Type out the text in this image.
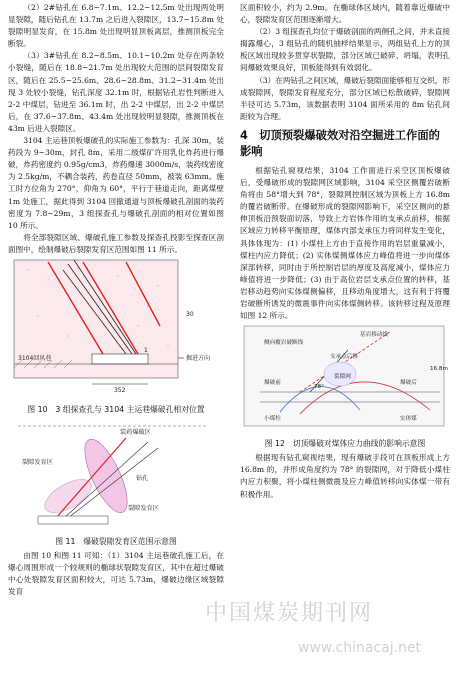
（2）2#钻孔在 6.8~7.1m、12.2~12.5m 处出现两处明显裂隙，随后钻孔在 13.7m 之后进入裂隙区，13.7~15.8m 处裂隙明显发育，在 15.8m 处出现明显顶板离层，推测顶板完全断裂。

（3）3#钻孔在 8.2~8.5m、10.1~10.2m 处存在两条较小裂缝，随后在 18.8~21.7m 处出现较大范围的层间裂隙发育区，随后在 25.5~25.6m、28.6~28.8m、31.2~31.4m 处出现 3 处较小裂缝，钻孔深度 32.1m 时，根据钻孔岩性判断进入 2-2 中煤层，钻进至 36.1m 时，出 2-2 中煤层，出 2-2 中煤层后，在 37.6~37.8m、43.4m 处出现较明显裂隙，推测顶板在 43m 后进入裂隙区。

3104 主运巷顶板爆破孔的实际施工参数为：孔深 30m，装药段为 9~30m，封孔 8m，采用二级煤矿许用乳化炸药进行爆破，炸药密度约 0.95g/cm3，炸药爆速 3000m/s，装药线密度为 2.5kg/m，不耦合装药，药卷直径 50mm，被装 63mm。施工时方位角为 270°，仰角为 60°，平行于巷道走向，距离煤壁 1m 处施工，据此得到 3104 回撤通道与顶板爆破孔剖面的装药密度为 7.8~29m，3 组探查孔与爆破孔剖面的相对位置如图 10 所示。

将全部裂隙区域、爆破孔施工参数及探查孔投影至探查区剖面图中，绘制爆破后裂隙发育区范围如图 11 所示。

3104回风巷	掘进方向
30
352
1
图 10　3 组探查孔与 3104 主运巷爆破孔相对位置
装药爆破区
裂隙发育区
钻孔
裂隙发育区
图 11　爆破裂隙发育区范围示意图

由图 10 和图 11 可知：（1）3104 主运巷破孔施工后，在爆心周围形成一个较规则的椭球状裂隙发育区，其中在超过爆破中心处裂隙发育区面积较大，可达 5.73m，爆破边缘区域裂隙发育

区面积较小，约为 2.9m。在椭球体区域内，随着靠近爆破中心，裂隙发育区范围逐渐增大。

（2）3 组探查孔均位于爆破剖面的两侧孔之间，并未直接揭露爆心，3 组钻孔的随机抽样结果显示，两组钻孔上方的顶板区域出现较多贯穿状裂隙，部分区域已破碎、坍塌，表明孔间爆破效果良好，顶板能得到有效弱化。

（3）在两钻孔之间区域，爆破后裂隙面能够相互交织，形成裂隙网，裂隙发育程度充分，部分区域已松散破碎，裂隙网半径可达 5.73m，该数据表明 3104 面所采用的 8m 钻孔间距较为合理。

4　切顶预裂爆破效对沿空掘进工作面的影响

根据钻孔窥视结果，3104 工作面进行采空区顶板爆破后，受爆破形成的裂隙网区域影响，3104 采空区侧覆岩破断角将由 58°增大到 78°，裂隙网控制区域为顶板上方 16.8m 的覆岩破断带。在爆破形成的裂隙网影响下，采空区侧向的悬伸顶板沿预裂面切落，导致上方岩体作用的支承点前移，根据区域应力转移平衡原理，煤体内部支承压力将同样发生变化，具体体现为：(1) 小煤柱上方由于直接作用的岩层重量减小，煤柱内应力降低；(2) 实体煤侧煤体应力峰值将进一步向煤体深部转移，同时由于所控制岩层的厚度及高度减小，煤体应力峰值将进一步降低；(3) 由于高位岩层支承点位置的转移，基岩移动趋势向实体煤侧偏移，且移动角度增大，这有利于将覆岩破断所诱发的微震事件向实体煤侧转移。该转移过程及原理如图 12 所示。

基岩移动线
侧向覆岩破断线
支承点后移
爆破前	爆破后
小煤柱	实体煤
裂隙网
78°
16.8m
图 12　切顶爆破对煤体应力曲线的影响示意图

根据现有钻孔窥视结果，现有爆破手段可在顶板形成上方 16.8m 的，并形成角度约为 78° 的裂隙网，对于降低小煤柱内应力积聚，将小煤柱侧微震及应力峰值转移向实体煤一带有积极作用。

中国煤炭期刊网
www.chinacaj.net
